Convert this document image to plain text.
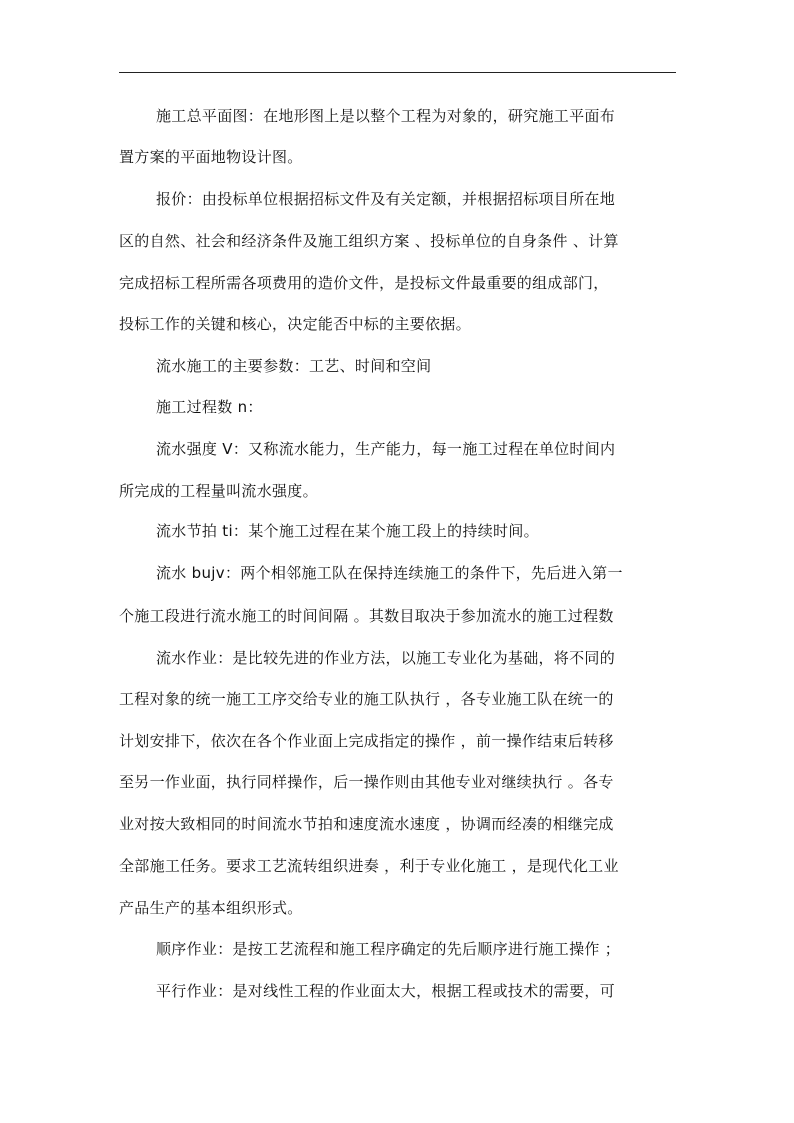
施工总平面图：在地形图上是以整个工程为对象的，研究施工平面布
置方案的平面地物设计图。
报价：由投标单位根据招标文件及有关定额，并根据招标项目所在地
区的自然、社会和经济条件及施工组织方案 、投标单位的自身条件 、计算
完成招标工程所需各项费用的造价文件，是投标文件最重要的组成部门，
投标工作的关键和核心，决定能否中标的主要依据。
流水施工的主要参数：工艺、时间和空间
施工过程数 n：
流水强度 V：又称流水能力，生产能力，每一施工过程在单位时间内
所完成的工程量叫流水强度。
流水节拍 ti：某个施工过程在某个施工段上的持续时间。
流水 bujv：两个相邻施工队在保持连续施工的条件下，先后进入第一
个施工段进行流水施工的时间间隔 。其数目取决于参加流水的施工过程数
流水作业：是比较先进的作业方法，以施工专业化为基础，将不同的
工程对象的统一施工工序交给专业的施工队执行 ，各专业施工队在统一的
计划安排下，依次在各个作业面上完成指定的操作 ，前一操作结束后转移
至另一作业面，执行同样操作，后一操作则由其他专业对继续执行 。各专
业对按大致相同的时间流水节拍和速度流水速度 ，协调而经凑的相继完成
全部施工任务。要求工艺流转组织进奏 ，利于专业化施工 ，是现代化工业
产品生产的基本组织形式。
顺序作业：是按工艺流程和施工程序确定的先后顺序进行施工操作 ；
平行作业：是对线性工程的作业面太大，根据工程或技术的需要，可
